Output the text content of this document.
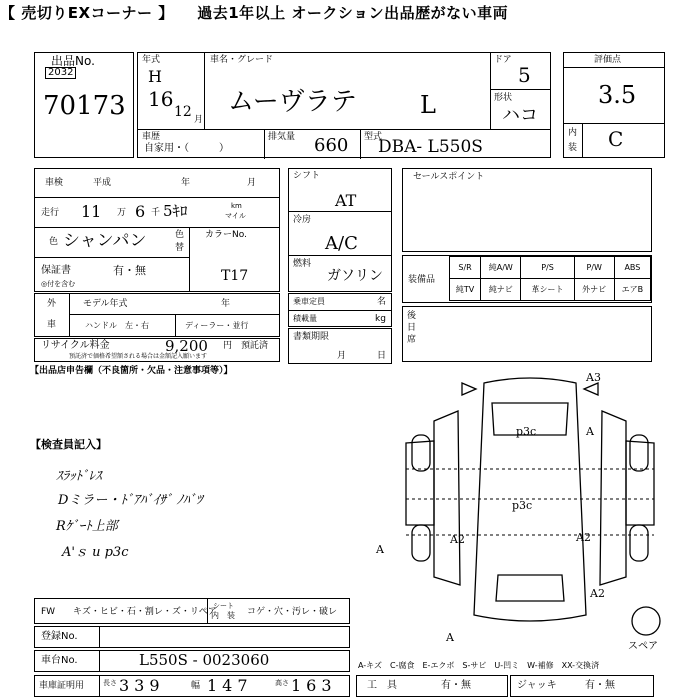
【 売切りEXコーナー 】 過去1年以上 オークション出品歴がない車両
出品No.
2032
70173
年式
H
16
12 月
車名・グレード
ムーヴラテ	L
ドア
5
形状
ハコ
車歴
自家用・（　　　）
排気量 660 型式
DBA- L550S
評価点
3.5
内
装 C
車検	平成	年	月
走行 11 万 6 千 5ｷﾛ	km
マイル
色 シャンパン	色
替
カラーNo.
T17
保証書	有・無
◎付を含む
外
車
モデル年式	年
ハンドル　左・右	ディーラー・並行
リサイクル料金	9,200 円 預託済
預託済で価格希望額される場合は金額記入願います
【出品店申告欄（不良箇所・欠品・注意事項等）】
シフト
AT
冷房
A/C
燃料
ガソリン
乗車定員	名
積載量	kg
書類期限
月	日
セールスポイント
装備品
S/R	純A/W	P/S	P/W	ABS
純TV	純ナビ	革シート	外ナビ	エアB
後
日
席
【検査員記入】
ｽﾗｯﾄﾞﾚｽ
Dミラー・ﾄﾞｱﾊﾞｲｻﾞ ﾉﾊﾞﾂ
Rｹﾞｰﾄ上部
A'ｓ u p3c
A3
A
p3c
p3c
A2	A2
A2
A
スペア
A
FW キズ・ヒビ・石・割レ・ズ・リペア
シート
内　装 コゲ・穴・汚レ・破レ
登録No.
車台No.	L550S - 0023060
車庫証明用	長さ 339	幅 147	高さ 163
A-キズ　C-腐食　E-エクボ　S-サビ　U-凹ミ　W-補修　XX-交換済
工　具	有・無	ジャッキ	有・無
